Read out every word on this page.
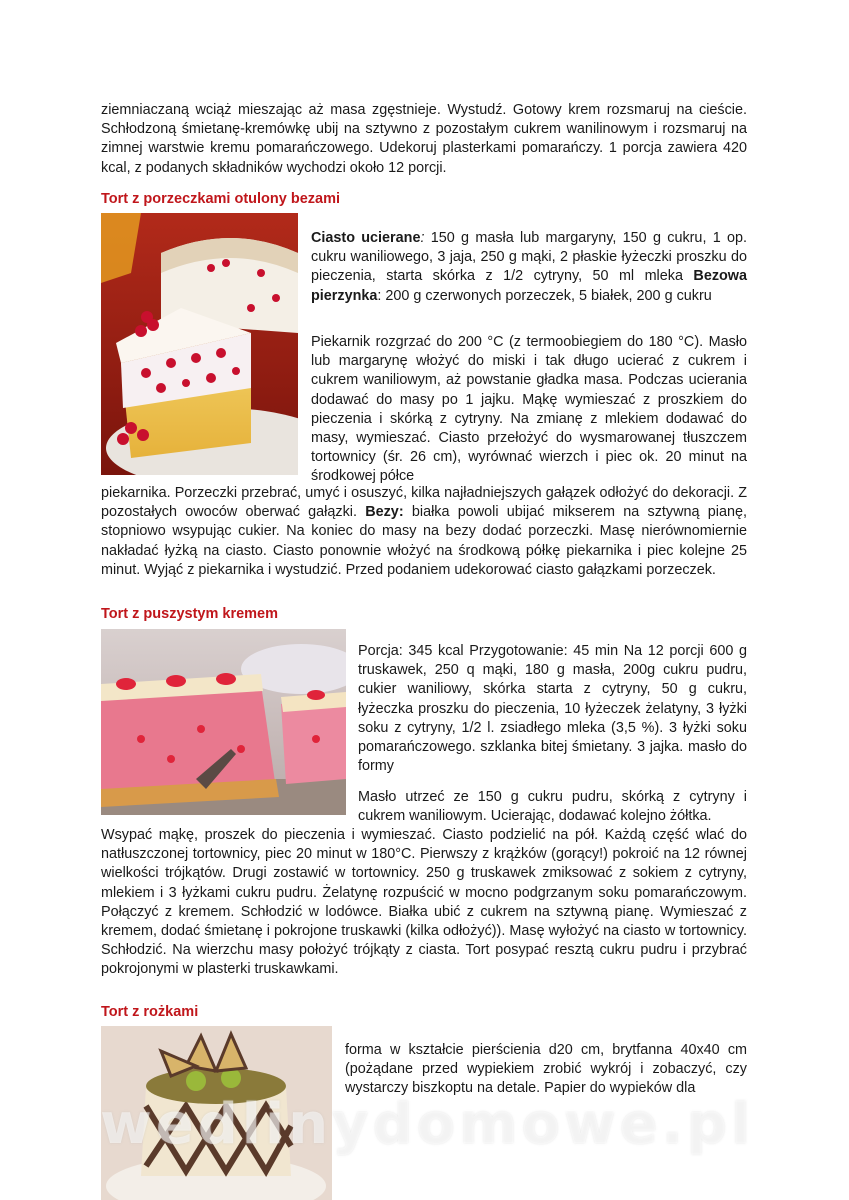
ziemniaczaną wciąż mieszając aż masa zgęstnieje. Wystudź. Gotowy krem rozsmaruj na cieście. Schłodzoną śmietanę-kremówkę ubij na sztywno z pozostałym cukrem wanilinowym i rozsmaruj na zimnej warstwie kremu pomarańczowego. Udekoruj plasterkami pomarańczy. 1 porcja zawiera 420 kcal, z podanych składników wychodzi około 12 porcji.

Tort z porzeczkami otulony bezami
Ciasto ucierane: 150 g masła lub margaryny, 150 g cukru, 1 op. cukru waniliowego, 3 jaja, 250 g mąki, 2 płaskie łyżeczki proszku do pieczenia, starta skórka z 1/2 cytryny, 50 ml mleka Bezowa pierzynka: 200 g czerwonych porzeczek, 5 białek, 200 g cukru
Piekarnik rozgrzać do 200 °C (z termoobiegiem do 180 °C). Masło lub margarynę włożyć do miski i tak długo ucierać z cukrem i cukrem waniliowym, aż powstanie gładka masa. Podczas ucierania dodawać do masy po 1 jajku. Mąkę wymieszać z proszkiem do pieczenia i skórką z cytryny. Na zmianę z mlekiem dodawać do masy, wymieszać. Ciasto przełożyć do wysmarowanej tłuszczem tortownicy (śr. 26 cm), wyrównać wierzch i piec ok. 20 minut na środkowej półce
piekarnika. Porzeczki przebrać, umyć i osuszyć, kilka najładniejszych gałązek odłożyć do dekoracji. Z pozostałych owoców oberwać gałązki. Bezy: białka powoli ubijać mikserem na sztywną pianę, stopniowo wsypując cukier. Na koniec do masy na bezy dodać porzeczki. Masę nierównomiernie nakładać łyżką na ciasto. Ciasto ponownie włożyć na środkową półkę piekarnika i piec kolejne 25 minut. Wyjąć z piekarnika i wystudzić. Przed podaniem udekorować ciasto gałązkami porzeczek.
Tort z puszystym kremem
Porcja: 345 kcal Przygotowanie: 45 min Na 12 porcji 600 g truskawek, 250 q mąki, 180 g masła, 200g cukru pudru, cukier waniliowy, skórka starta z cytryny, 50 g cukru, łyżeczka proszku do pieczenia, 10 łyżeczek żelatyny, 3 łyżki soku z cytryny, 1/2 l. zsiadłego mleka (3,5 %). 3 łyżki soku pomarańczowego. szklanka bitej śmietany. 3 jajka. masło do formy
Masło utrzeć ze 150 g cukru pudru, skórką z cytryny i cukrem waniliowym. Ucierając, dodawać kolejno żółtka.
Wsypać mąkę, proszek do pieczenia i wymieszać. Ciasto podzielić na pół. Każdą część wlać do natłuszczonej tortownicy, piec 20 minut w 180°C. Pierwszy z krążków (gorący!) pokroić na 12 równej wielkości trójkątów. Drugi zostawić w tortownicy. 250 g truskawek zmiksować z sokiem z cytryny, mlekiem i 3 łyżkami cukru pudru. Żelatynę rozpuścić w mocno podgrzanym soku pomarańczowym. Połączyć z kremem. Schłodzić w lodówce. Białka ubić z cukrem na sztywną pianę. Wymieszać z kremem, dodać śmietanę i pokrojone truskawki (kilka odłożyć)). Masę wyłożyć na ciasto w tortownicy. Schłodzić. Na wierzchu masy położyć trójkąty z ciasta. Tort posypać resztą cukru pudru i przybrać pokrojonymi w plasterki truskawkami.
Tort z rożkami
forma w kształcie pierścienia d20 cm, brytfanna 40x40 cm (pożądane przed wypiekiem zrobić wykrój i zobaczyć, czy wystarczy biszkoptu na detale. Papier do wypieków dla
wedlinydomowe.pl
